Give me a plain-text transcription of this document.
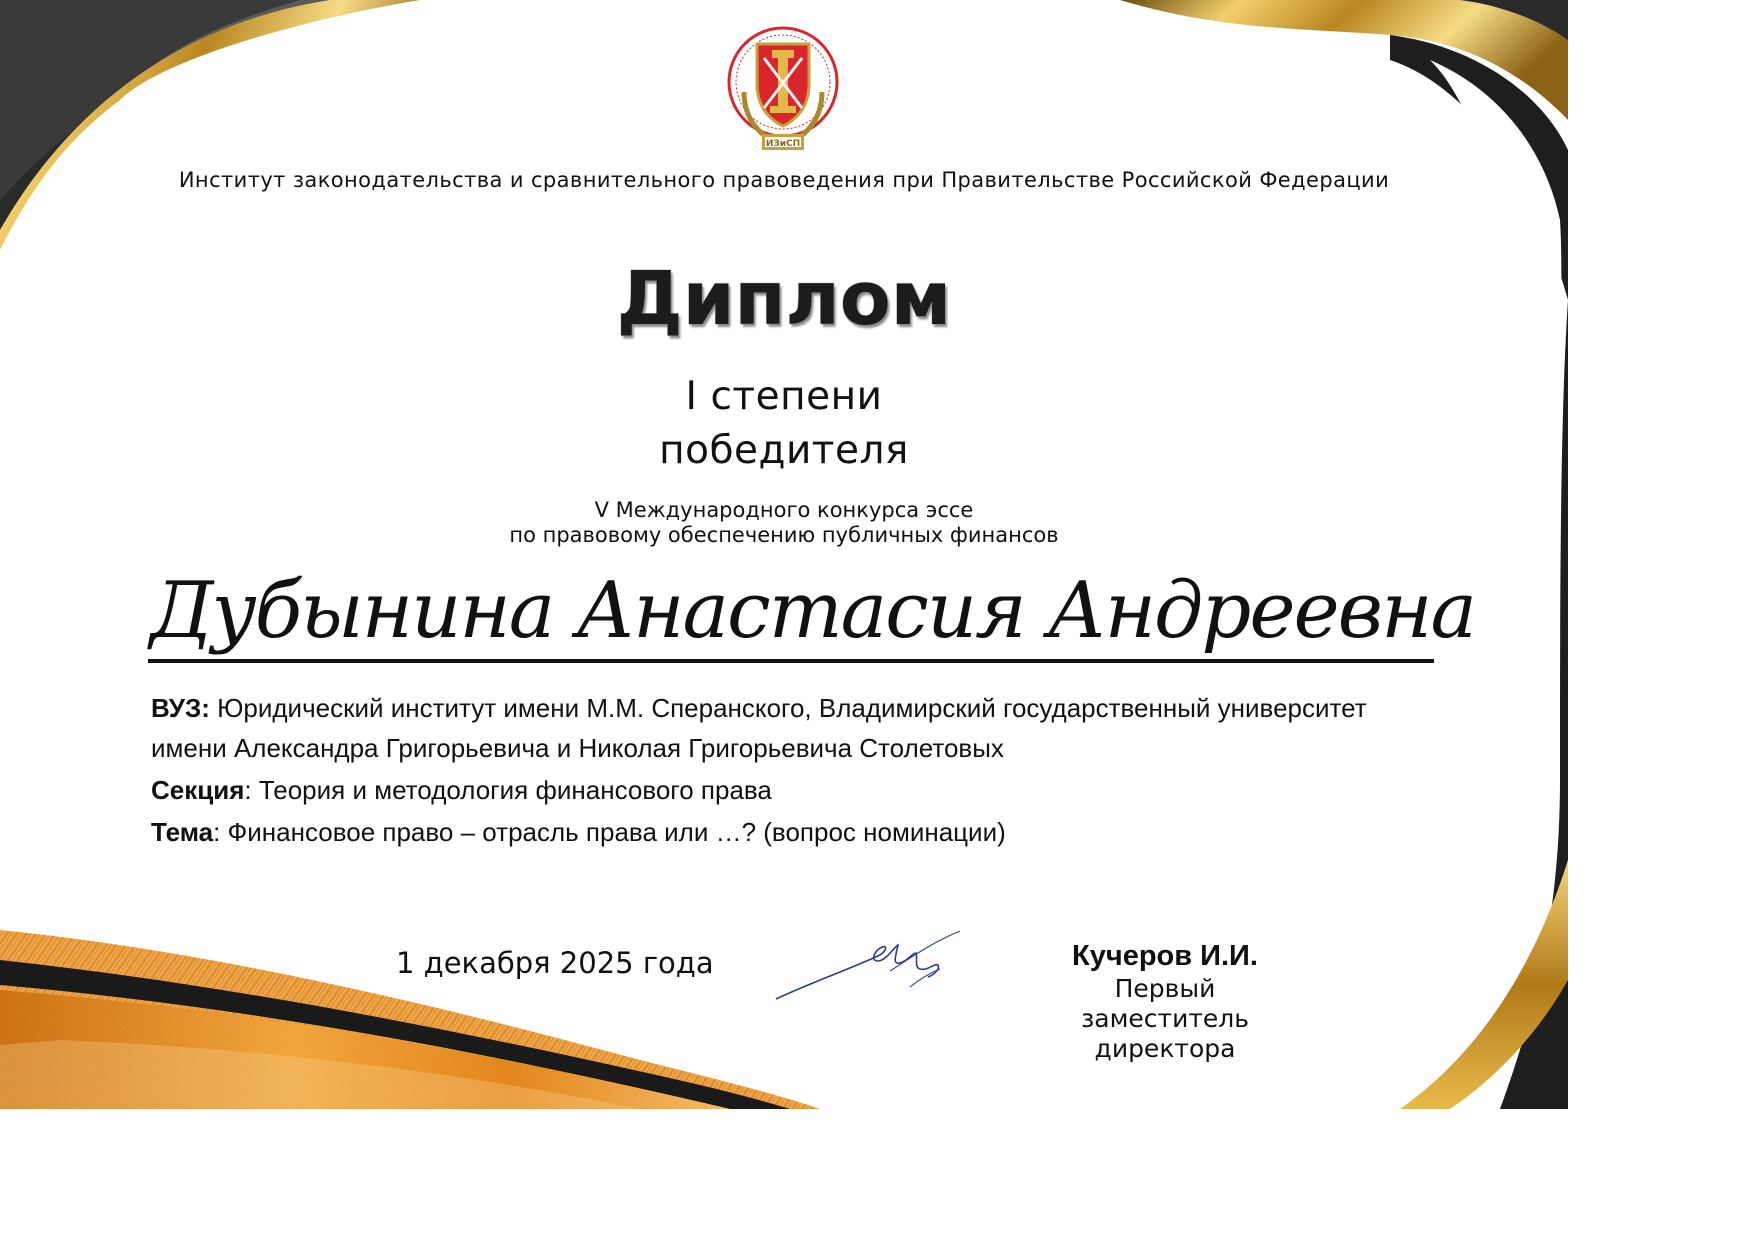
ИЗиСП
Институт законодательства и сравнительного правоведения при Правительстве Российской Федерации
Диплом
I степени
победителя
V Международного конкурса эссе
по правовому обеспечению публичных финансов
Дубынина Анастасия Андреевна
ВУЗ: Юридический институт имени М.М. Сперанского, Владимирский государственный университет имени Александра Григорьевича и Николая Григорьевича Столетовых
Секция: Теория и методология финансового права
Тема: Финансовое право – отрасль права или …? (вопрос номинации)
1 декабря 2025 года	Кучеров И.И.
Первый заместитель директора
